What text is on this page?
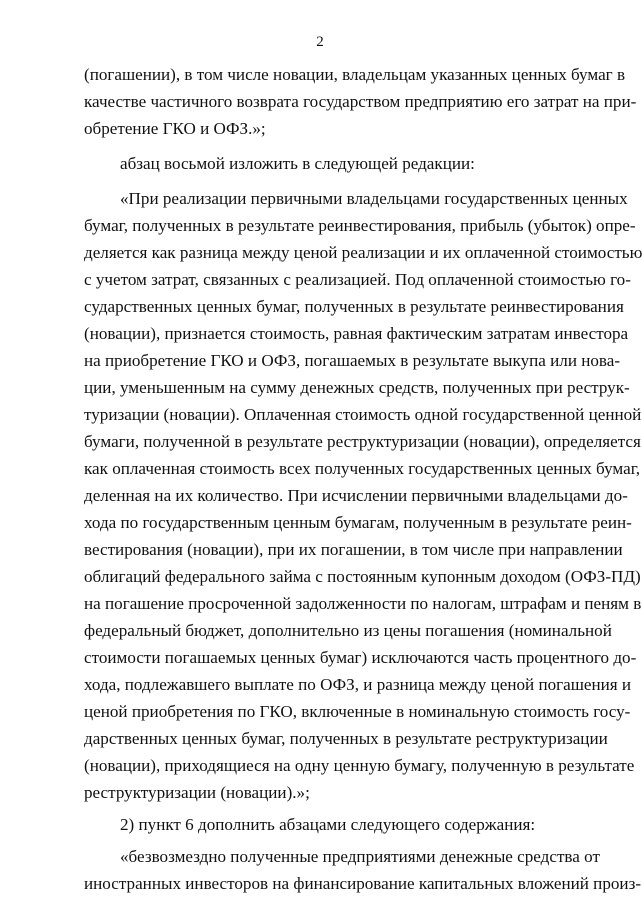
2
(погашении), в том числе новации, владельцам указанных ценных бумаг в
качестве частичного возврата государством предприятию его затрат на при-
обретение ГКО и ОФЗ.»;
абзац восьмой изложить в следующей редакции:
«При реализации первичными владельцами государственных ценных
бумаг, полученных в результате реинвестирования, прибыль (убыток) опре-
деляется как разница между ценой реализации и их оплаченной стоимостью
с учетом затрат, связанных с реализацией. Под оплаченной стоимостью го-
сударственных ценных бумаг, полученных в результате реинвестирования
(новации), признается стоимость, равная фактическим затратам инвестора
на приобретение ГКО и ОФЗ, погашаемых в результате выкупа или нова-
ции, уменьшенным на сумму денежных средств, полученных при реструк-
туризации (новации). Оплаченная стоимость одной государственной ценной
бумаги, полученной в результате реструктуризации (новации), определяется
как оплаченная стоимость всех полученных государственных ценных бумаг,
деленная на их количество. При исчислении первичными владельцами до-
хода по государственным ценным бумагам, полученным в результате реин-
вестирования (новации), при их погашении, в том числе при направлении
облигаций федерального займа с постоянным купонным доходом (ОФЗ-ПД)
на погашение просроченной задолженности по налогам, штрафам и пеням в
федеральный бюджет, дополнительно из цены погашения (номинальной
стоимости погашаемых ценных бумаг) исключаются часть процентного до-
хода, подлежавшего выплате по ОФЗ, и разница между ценой погашения и
ценой приобретения по ГКО, включенные в номинальную стоимость госу-
дарственных ценных бумаг, полученных в результате реструктуризации
(новации), приходящиеся на одну ценную бумагу, полученную в результате
реструктуризации (новации).»;
2) пункт 6 дополнить абзацами следующего содержания:
«безвозмездно полученные предприятиями денежные средства от
иностранных инвесторов на финансирование капитальных вложений произ-
